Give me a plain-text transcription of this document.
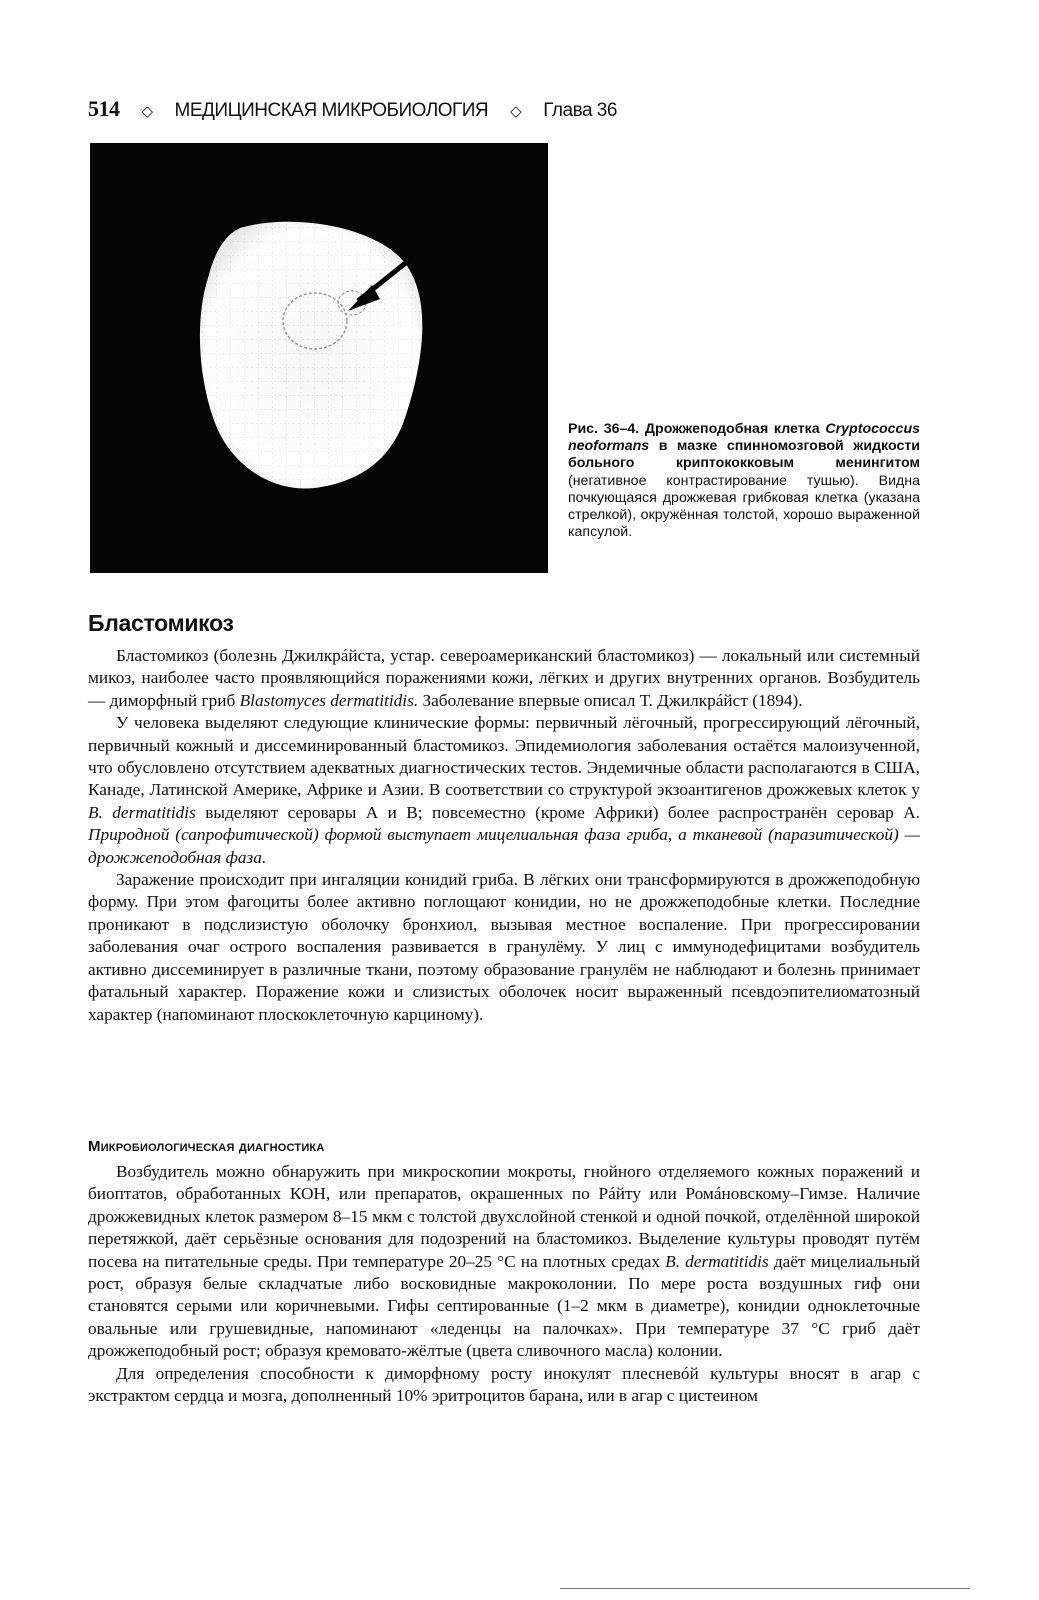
514 ◇ МЕДИЦИНСКАЯ МИКРОБИОЛОГИЯ ◇ Глава 36
Рис. 36–4. Дрожжеподобная клетка Cryptococcus neoformans в мазке спинномозговой жидкости больного криптококковым менингитом (негативное контрастирование тушью). Видна почкующаяся дрожжевая грибковая клетка (указана стрелкой), окружённая толстой, хорошо выраженной капсулой.
Бластомикоз

Бластомикоз (болезнь Джилкрáйста, устар. североамериканский бластомикоз) — локальный или системный микоз, наиболее часто проявляющийся поражениями кожи, лёгких и других внутренних органов. Возбудитель — диморфный гриб Blastomyces dermatitidis. Заболевание впервые описал Т. Джилкрáйст (1894).

У человека выделяют следующие клинические формы: первичный лёгочный, прогрессирующий лёгочный, первичный кожный и диссеминированный бластомикоз. Эпидемиология заболевания остаётся малоизученной, что обусловлено отсутствием адекватных диагностических тестов. Эндемичные области располагаются в США, Канаде, Латинской Америке, Африке и Азии. В соответствии со структурой экзоантигенов дрожжевых клеток у B. dermatitidis выделяют серовары А и В; повсеместно (кроме Африки) более распространён серовар А. Природной (сапрофитической) формой выступает мицелиальная фаза гриба, а тканевой (паразитической) — дрожжеподобная фаза.

Заражение происходит при ингаляции конидий гриба. В лёгких они трансформируются в дрожжеподобную форму. При этом фагоциты более активно поглощают конидии, но не дрожжеподобные клетки. Последние проникают в подслизистую оболочку бронхиол, вызывая местное воспаление. При прогрессировании заболевания очаг острого воспаления развивается в гранулёму. У лиц с иммунодефицитами возбудитель активно диссеминирует в различные ткани, поэтому образование гранулём не наблюдают и болезнь принимает фатальный характер. Поражение кожи и слизистых оболочек носит выраженный псевдоэпителиоматозный характер (напоминают плоскоклеточную карциному).

Микробиологическая диагностика

Возбудитель можно обнаружить при микроскопии мокроты, гнойного отделяемого кожных поражений и биоптатов, обработанных КОН, или препаратов, окрашенных по Рáйту или Ромáновскому–Гимзе. Наличие дрожжевидных клеток размером 8–15 мкм с толстой двухслойной стенкой и одной почкой, отделённой широкой перетяжкой, даёт серьёзные основания для подозрений на бластомикоз. Выделение культуры проводят путём посева на питательные среды. При температуре 20–25 °С на плотных средах B. dermatitidis даёт мицелиальный рост, образуя белые складчатые либо восковидные макроколонии. По мере роста воздушных гиф они становятся серыми или коричневыми. Гифы септированные (1–2 мкм в диаметре), конидии одноклеточные овальные или грушевидные, напоминают «леденцы на палочках». При температуре 37 °С гриб даёт дрожжеподобный рост; образуя кремовато-жёлтые (цвета сливочного масла) колонии.

Для определения способности к диморфному росту инокулят плесневóй культуры вносят в агар с экстрактом сердца и мозга, дополненный 10% эритроцитов барана, или в агар с цистеином
